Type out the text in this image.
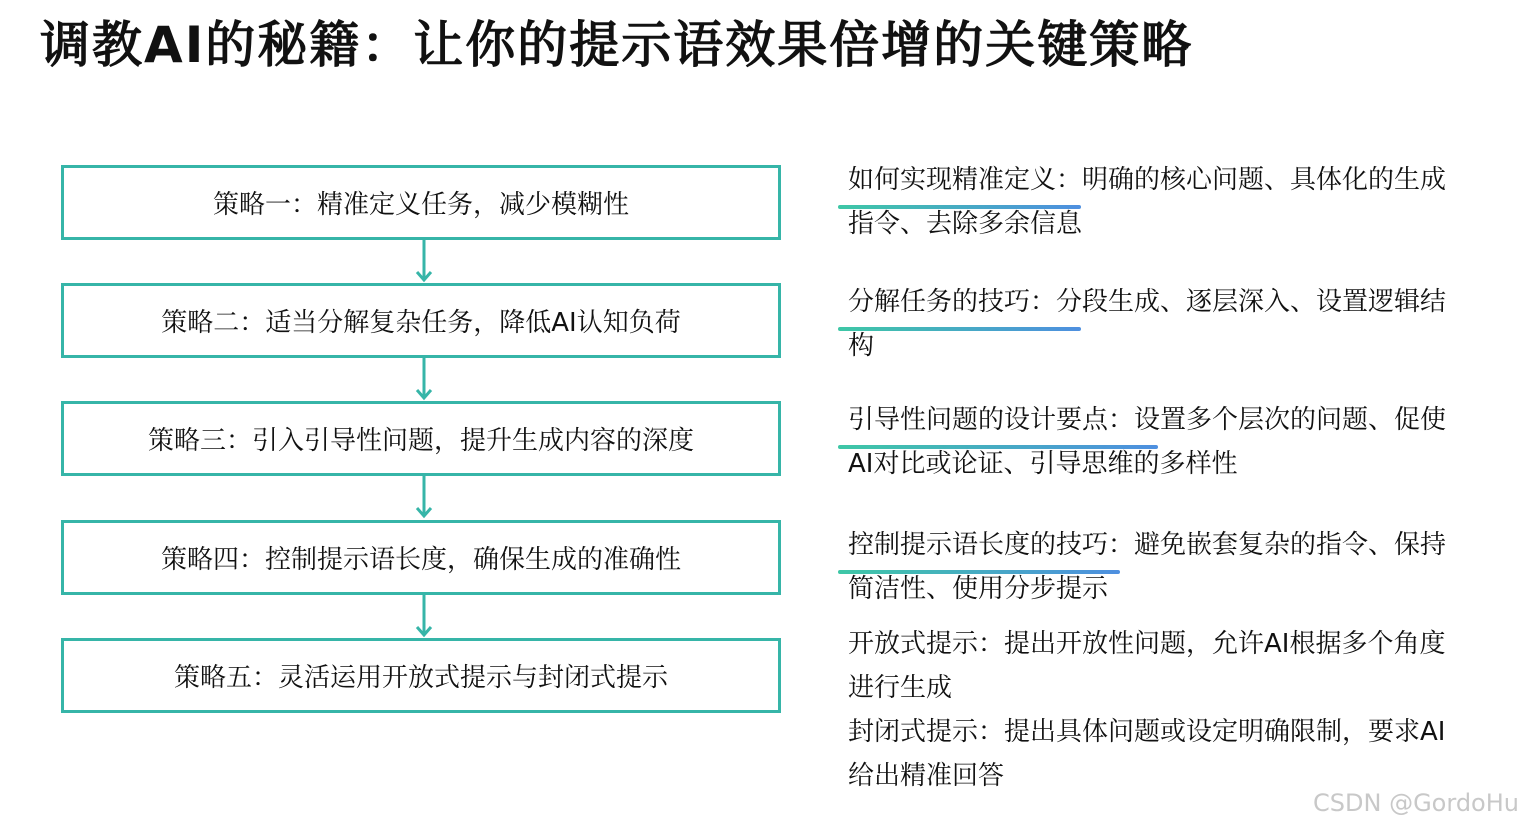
调教AI的秘籍：让你的提示语效果倍增的关键策略
策略一：精准定义任务，减少模糊性
策略二：适当分解复杂任务，降低AI认知负荷
策略三：引入引导性问题，提升生成内容的深度
策略四：控制提示语长度，确保生成的准确性
策略五：灵活运用开放式提示与封闭式提示
如何实现精准定义：
明确的核心问题、具体化的生成指令、去除多余信息
分解任务的技巧：
分段生成、逐层深入、设置逻辑结构
引导性问题的设计要点：
设置多个层次的问题、促使AI对比或论证、引导思维的多样性
控制提示语长度的技巧：
避免嵌套复杂的指令、保持简洁性、使用分步提示
开放式提示：提出开放性问题，允许AI根据多个角度进行生成
封闭式提示：提出具体问题或设定明确限制，要求AI给出精准回答
CSDN @GordoHu
